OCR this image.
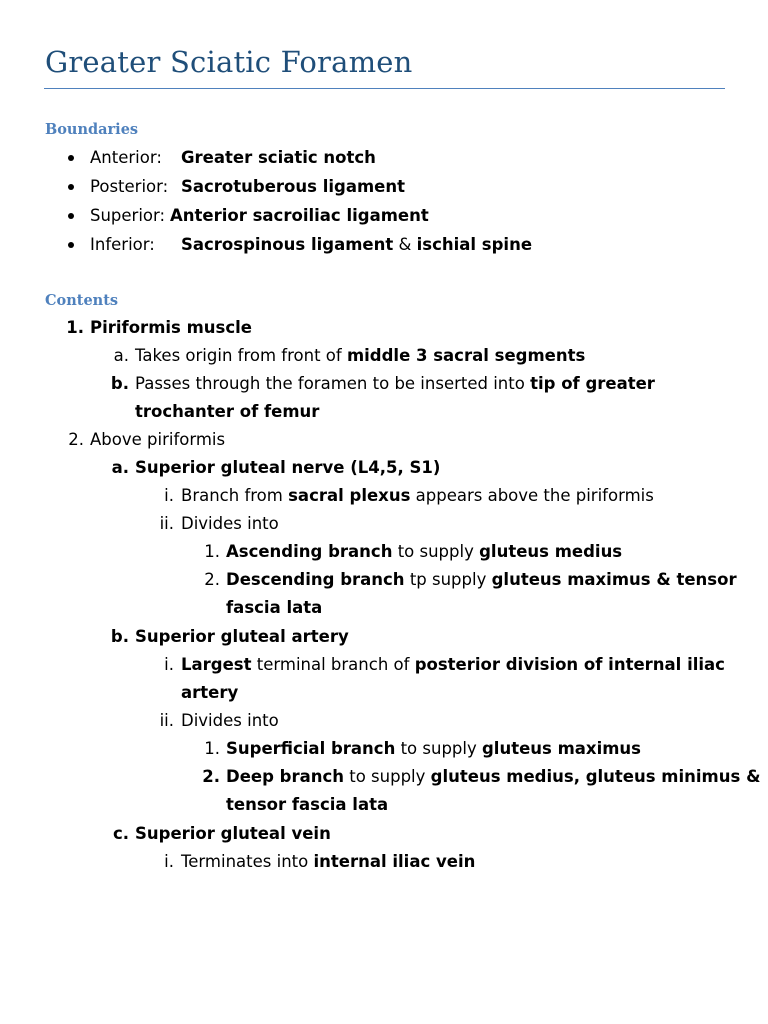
Greater Sciatic Foramen
Boundaries
Anterior: Greater sciatic notch
Posterior: Sacrotuberous ligament
Superior: Anterior sacroiliac ligament
Inferior: Sacrospinous ligament & ischial spine
Contents
1. Piriformis muscle
a. Takes origin from front of middle 3 sacral segments
b. Passes through the foramen to be inserted into tip of greater
trochanter of femur
2. Above piriformis
a. Superior gluteal nerve (L4,5, S1)
i. Branch from sacral plexus appears above the piriformis
ii. Divides into
1. Ascending branch to supply gluteus medius
2. Descending branch tp supply gluteus maximus & tensor
fascia lata
b. Superior gluteal artery
i. Largest terminal branch of posterior division of internal iliac
artery
ii. Divides into
1. Superficial branch to supply gluteus maximus
2. Deep branch to supply gluteus medius, gluteus minimus &
tensor fascia lata
c. Superior gluteal vein
i. Terminates into internal iliac vein
